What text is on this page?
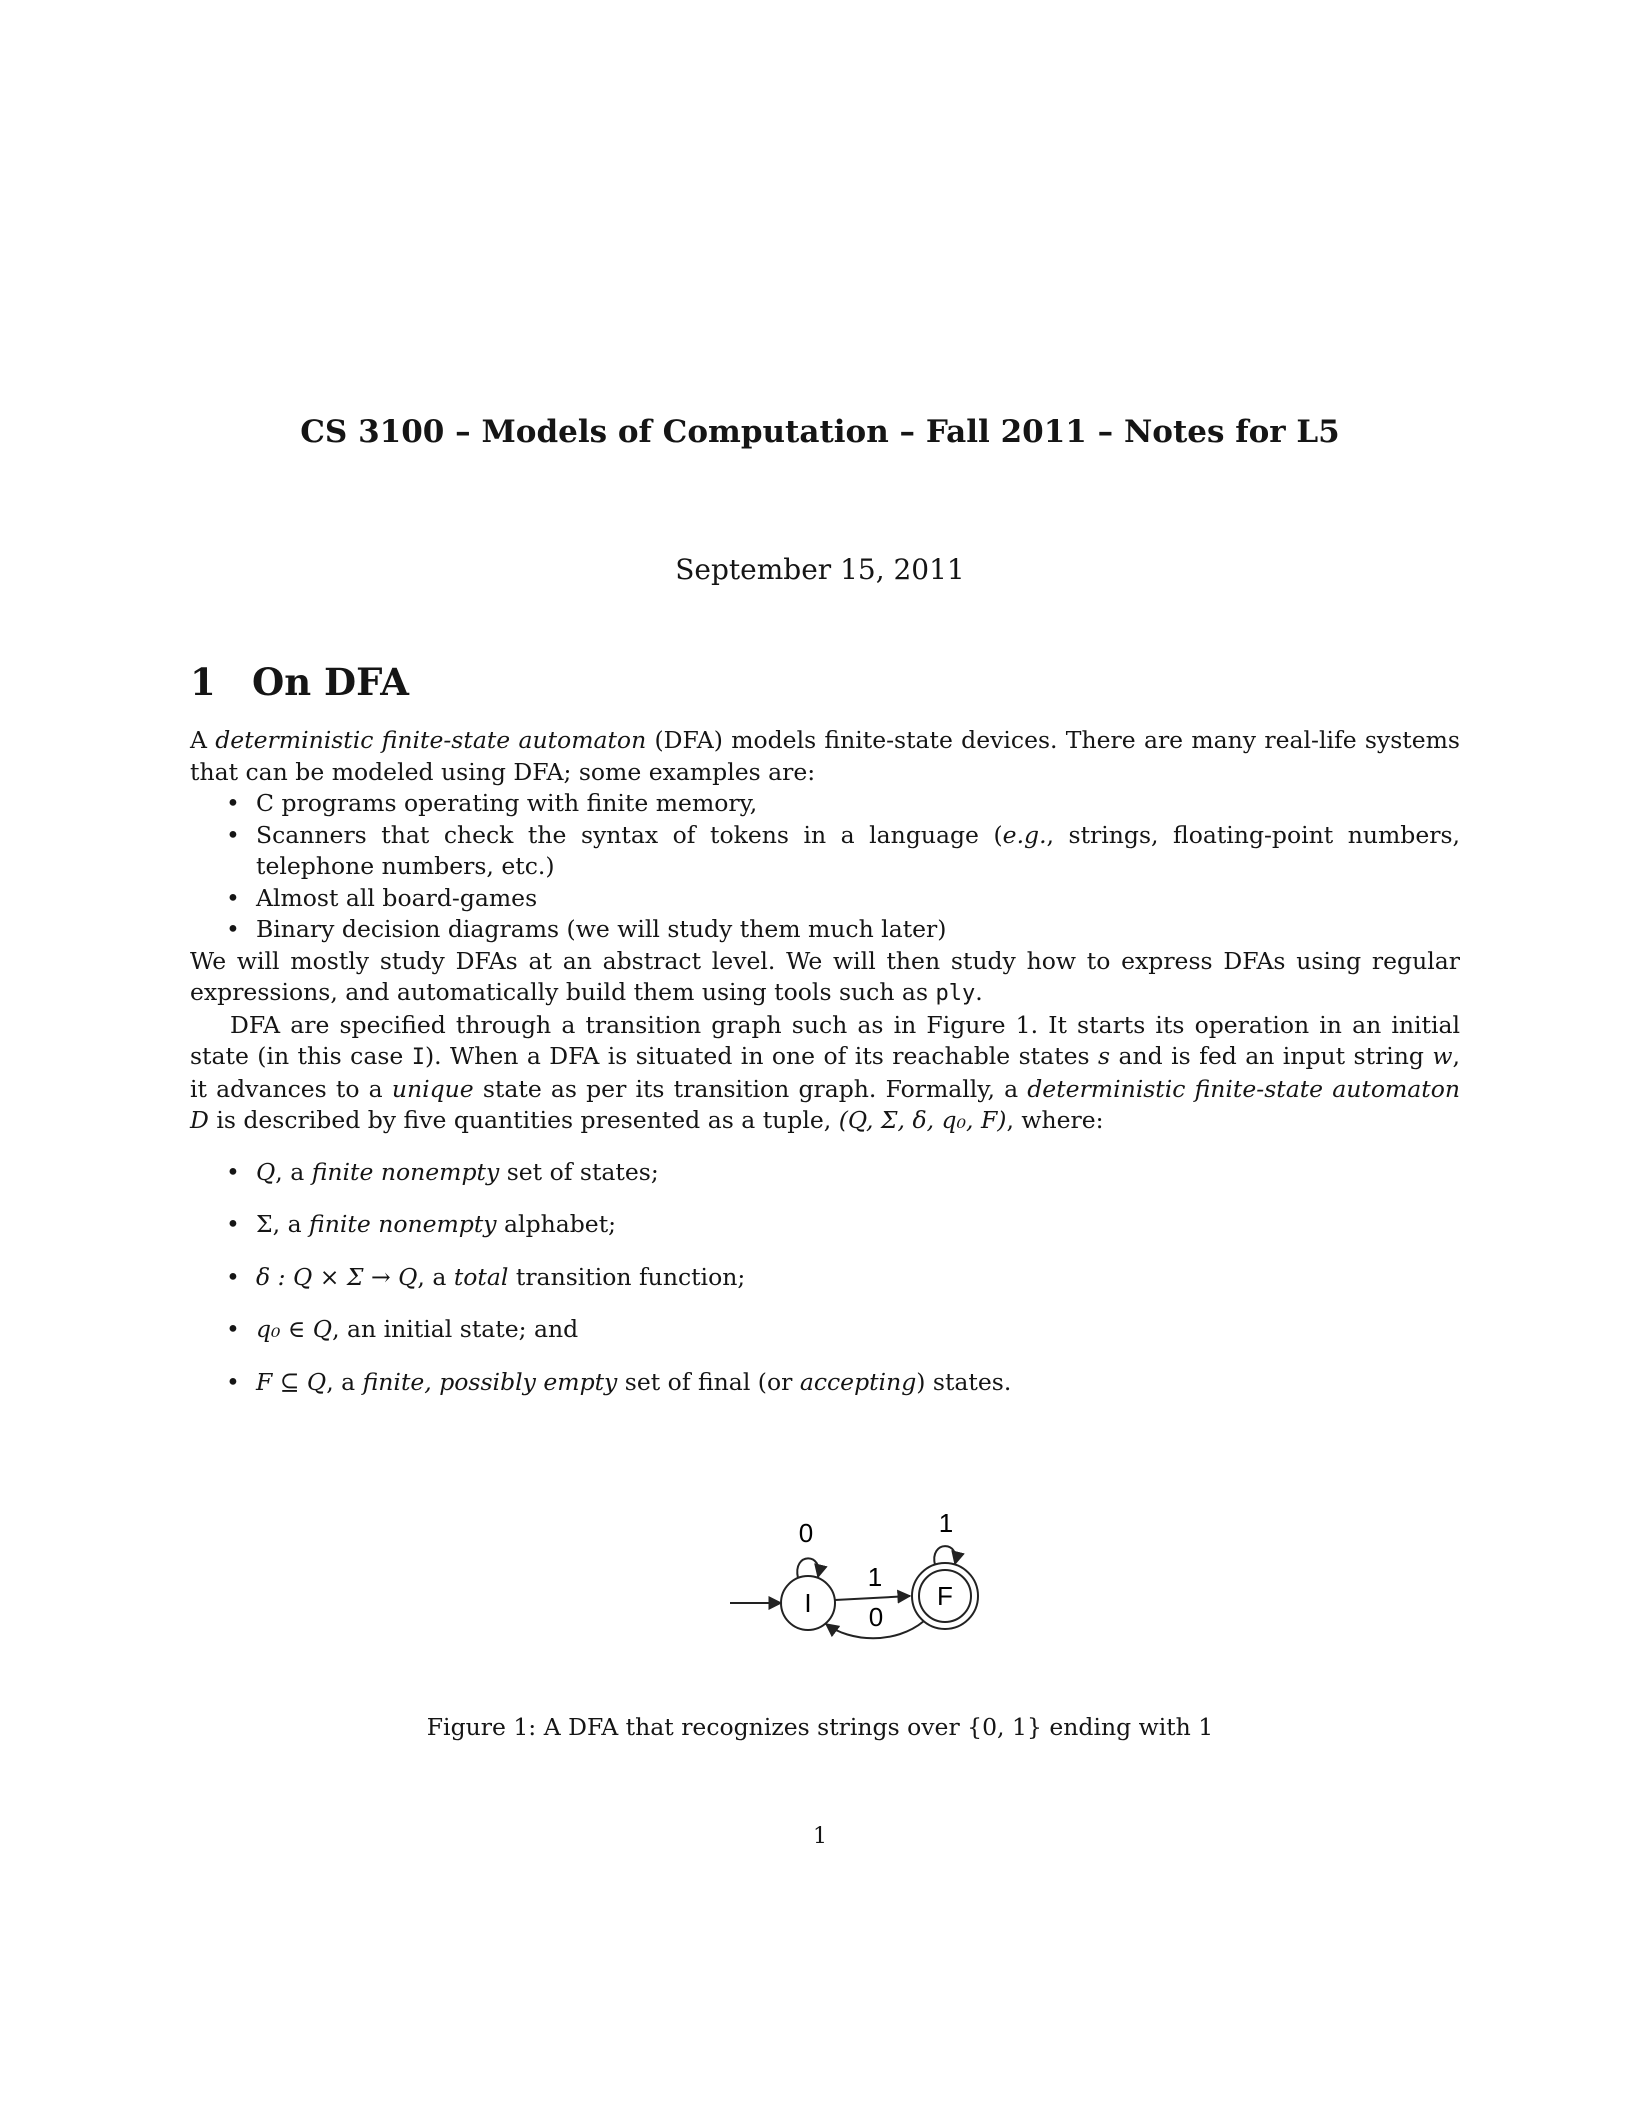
CS 3100 – Models of Computation – Fall 2011 – Notes for L5

September 15, 2011

1 On DFA

A deterministic finite-state automaton (DFA) models finite-state devices. There are many real-life systems that can be modeled using DFA; some examples are:

• C programs operating with finite memory,
• Scanners that check the syntax of tokens in a language (e.g., strings, floating-point numbers, telephone numbers, etc.)
• Almost all board-games
• Binary decision diagrams (we will study them much later)

We will mostly study DFAs at an abstract level. We will then study how to express DFAs using regular expressions, and automatically build them using tools such as ply.

DFA are specified through a transition graph such as in Figure 1. It starts its operation in an initial state (in this case I). When a DFA is situated in one of its reachable states s and is fed an input string w, it advances to a unique state as per its transition graph. Formally, a deterministic finite-state automaton D is described by five quantities presented as a tuple, (Q, Σ, δ, q₀, F), where:

• Q, a finite nonempty set of states;
• Σ, a finite nonempty alphabet;
• δ : Q × Σ → Q, a total transition function;
• q₀ ∈ Q, an initial state; and
• F ⊆ Q, a finite, possibly empty set of final (or accepting) states.
I	F
0
1
0
1

Figure 1: A DFA that recognizes strings over {0, 1} ending with 1

1
